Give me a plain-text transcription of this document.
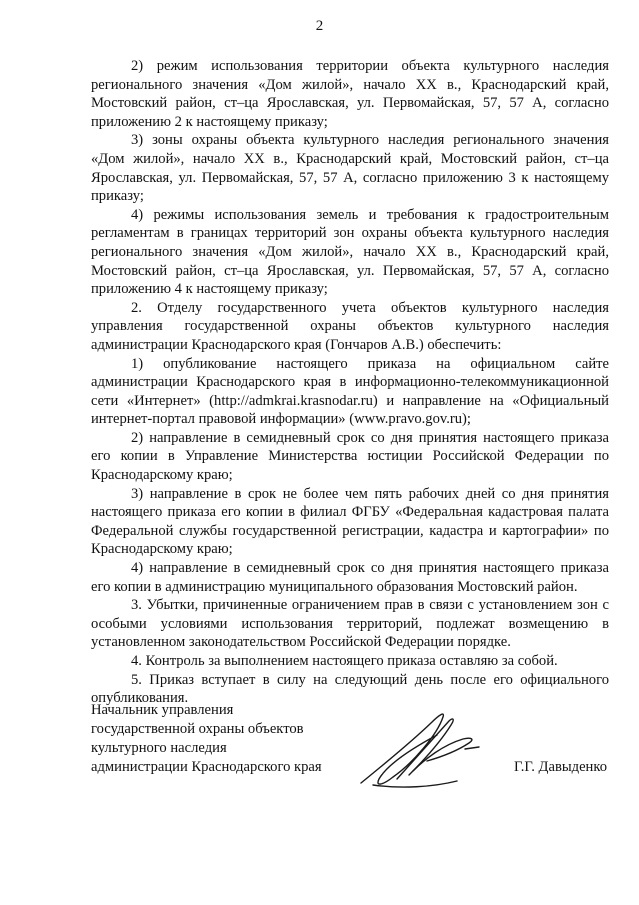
2

2) режим использования территории объекта культурного наследия регионального значения «Дом жилой», начало XX в., Краснодарский край, Мостовский район, ст–ца Ярославская, ул. Первомайская, 57, 57 А, согласно приложению 2 к настоящему приказу;

3) зоны охраны объекта культурного наследия регионального значения «Дом жилой», начало XX в., Краснодарский край, Мостовский район, ст–ца Ярославская, ул. Первомайская, 57, 57 А, согласно приложению 3 к настоящему приказу;

4) режимы использования земель и требования к градостроительным регламентам в границах территорий зон охраны объекта культурного наследия регионального значения «Дом жилой», начало XX в., Краснодарский край, Мостовский район, ст–ца Ярославская, ул. Первомайская, 57, 57 А, согласно приложению 4 к настоящему приказу;

2. Отделу государственного учета объектов культурного наследия управления государственной охраны объектов культурного наследия администрации Краснодарского края (Гончаров А.В.) обеспечить:

1) опубликование настоящего приказа на официальном сайте администрации Краснодарского края в информационно-телекоммуникационной сети «Интернет» (http://admkrai.krasnodar.ru) и направление на «Официальный интернет-портал правовой информации» (www.pravo.gov.ru);

2) направление в семидневный срок со дня принятия настоящего приказа его копии в Управление Министерства юстиции Российской Федерации по Краснодарскому краю;

3) направление в срок не более чем пять рабочих дней со дня принятия настоящего приказа его копии в филиал ФГБУ «Федеральная кадастровая палата Федеральной службы государственной регистрации, кадастра и картографии» по Краснодарскому краю;

4) направление в семидневный срок со дня принятия настоящего приказа его копии в администрацию муниципального образования Мостовский район.

3. Убытки, причиненные ограничением прав в связи с установлением зон с особыми условиями использования территорий, подлежат возмещению в установленном законодательством Российской Федерации порядке.

4. Контроль за выполнением настоящего приказа оставляю за собой.

5. Приказ вступает в силу на следующий день после его официального опубликования.

Начальник управления
государственной охраны объектов
культурного наследия
администрации Краснодарского края	Г.Г. Давыденко
